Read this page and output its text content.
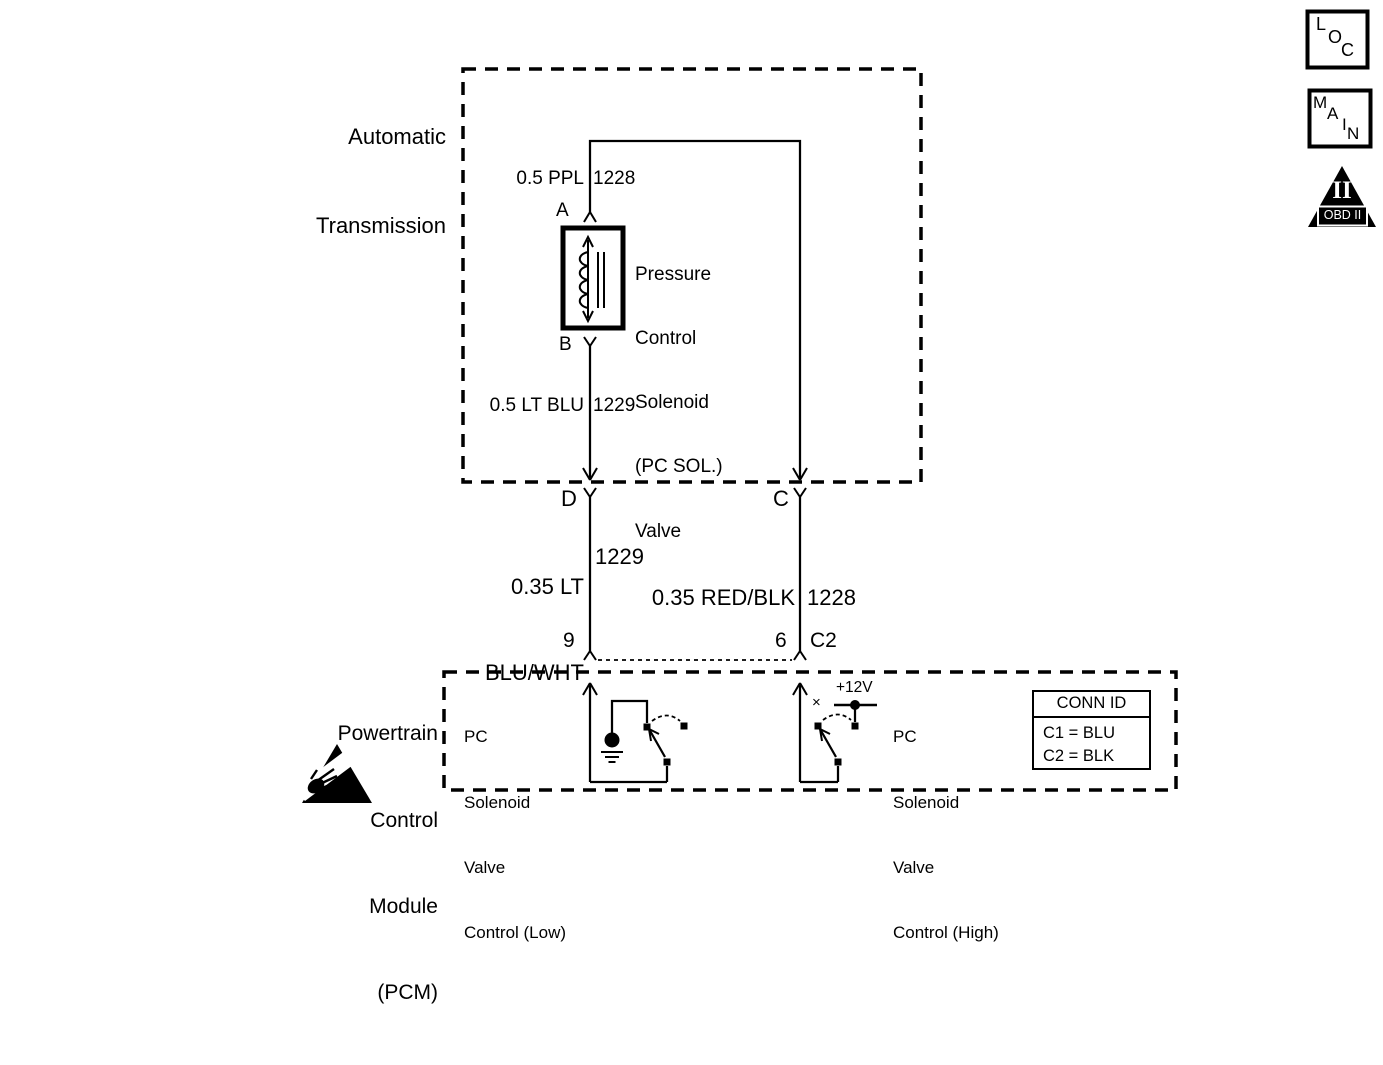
Automatic

Transmission

0.5 PPL 1228
A

Pressure

Control

Solenoid

(PC SOL.)

Valve

B
0.5 LT BLU 1229
D	C

0.35 LT

BLU/WHT

1229
0.35 RED/BLK 1228
9	6 C2

Powertrain

Control

Module

(PCM)

PC

Solenoid

Valve

Control (Low)

PC

Solenoid

Valve

Control (High)

+12V
×	CONN ID
C1 = BLU
C2 = BLK
L
O
C
M
A
I N
II
OBD II
